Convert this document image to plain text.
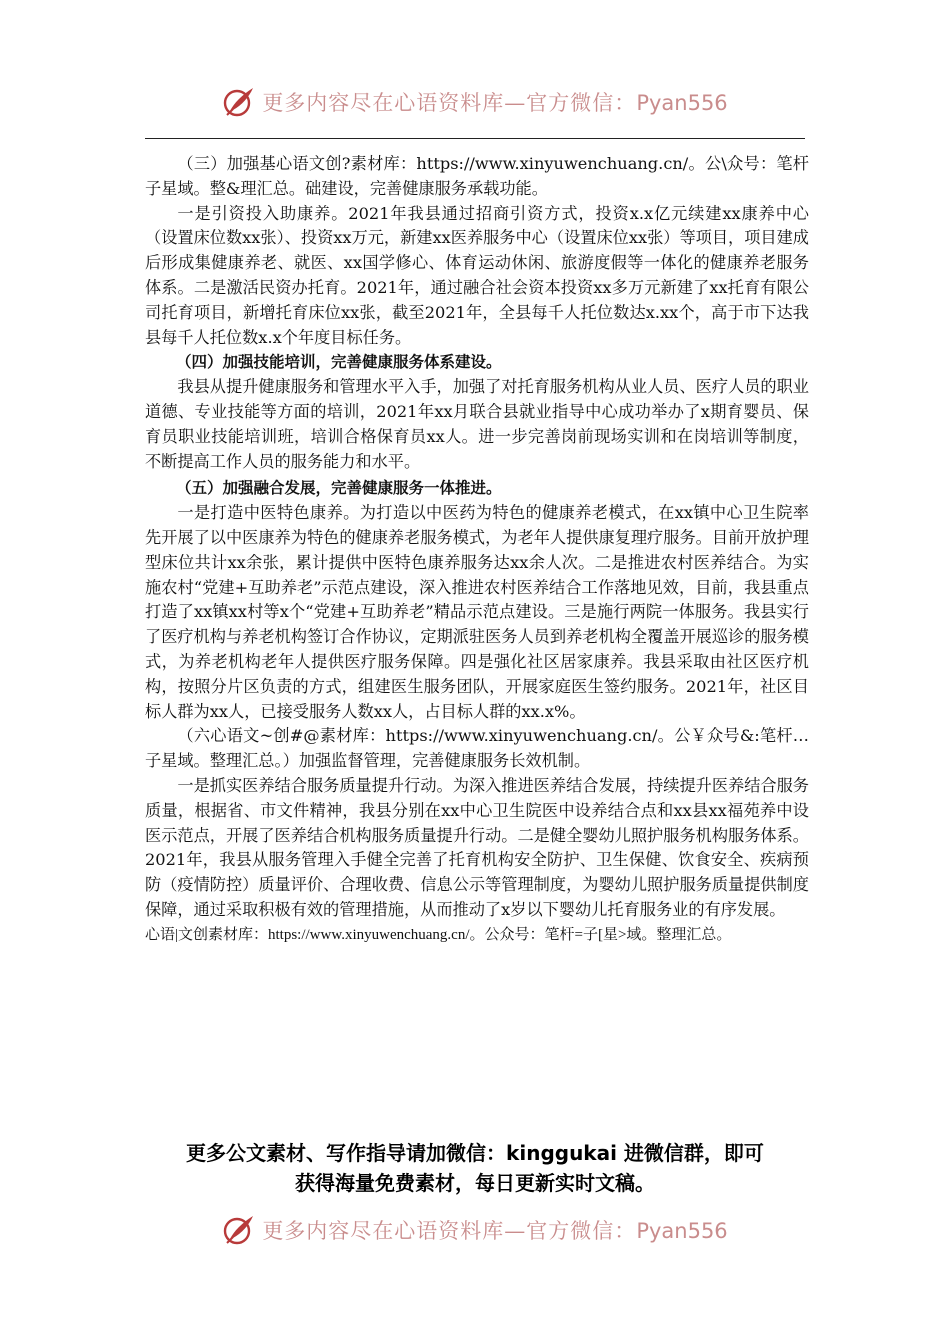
更多内容尽在心语资料库—官方微信：Pyan556

（三）加强基心语文创?素材库：https://www.xinyuwenchuang.cn/。公\众号：笔杆子星域。整&理汇总。础建设，完善健康服务承载功能。

一是引资投入助康养。2021年我县通过招商引资方式，投资x.x亿元续建xx康养中心（设置床位数xx张）、投资xx万元，新建xx医养服务中心（设置床位xx张）等项目，项目建成后形成集健康养老、就医、xx国学修心、体育运动休闲、旅游度假等一体化的健康养老服务体系。二是激活民资办托育。2021年，通过融合社会资本投资xx多万元新建了xx托育有限公司托育项目，新增托育床位xx张，截至2021年，全县每千人托位数达x.xx个，高于市下达我县每千人托位数x.x个年度目标任务。

（四）加强技能培训，完善健康服务体系建设。

我县从提升健康服务和管理水平入手，加强了对托育服务机构从业人员、医疗人员的职业道德、专业技能等方面的培训，2021年xx月联合县就业指导中心成功举办了x期育婴员、保育员职业技能培训班，培训合格保育员xx人。进一步完善岗前现场实训和在岗培训等制度，不断提高工作人员的服务能力和水平。

（五）加强融合发展，完善健康服务一体推进。

一是打造中医特色康养。为打造以中医药为特色的健康养老模式，在xx镇中心卫生院率先开展了以中医康养为特色的健康养老服务模式，为老年人提供康复理疗服务。目前开放护理型床位共计xx余张，累计提供中医特色康养服务达xx余人次。二是推进农村医养结合。为实施农村“党建+互助养老”示范点建设，深入推进农村医养结合工作落地见效，目前，我县重点打造了xx镇xx村等x个“党建+互助养老”精品示范点建设。三是施行两院一体服务。我县实行了医疗机构与养老机构签订合作协议，定期派驻医务人员到养老机构全覆盖开展巡诊的服务模式，为养老机构老年人提供医疗服务保障。四是强化社区居家康养。我县采取由社区医疗机构，按照分片区负责的方式，组建医生服务团队，开展家庭医生签约服务。2021年，社区目标人群为xx人，已接受服务人数xx人，占目标人群的xx.x%。

（六心语文~创#@素材库：https://www.xinyuwenchuang.cn/。公￥众号&:笔杆…子星域。整理汇总。）加强监督管理，完善健康服务长效机制。

一是抓实医养结合服务质量提升行动。为深入推进医养结合发展，持续提升医养结合服务质量，根据省、市文件精神，我县分别在xx中心卫生院医中设养结合点和xx县xx福苑养中设医示范点，开展了医养结合机构服务质量提升行动。二是健全婴幼儿照护服务机构服务体系。2021年，我县从服务管理入手健全完善了托育机构安全防护、卫生保健、饮食安全、疾病预防（疫情防控）质量评价、合理收费、信息公示等管理制度，为婴幼儿照护服务质量提供制度保障，通过采取积极有效的管理措施，从而推动了x岁以下婴幼儿托育服务业的有序发展。

心语|文创素材库：https://www.xinyuwenchuang.cn/。公众号：笔杆=子[星>域。整理汇总。

更多公文素材、写作指导请加微信：kinggukai 进微信群，即可
获得海量免费素材，每日更新实时文稿。
更多内容尽在心语资料库—官方微信：Pyan556
